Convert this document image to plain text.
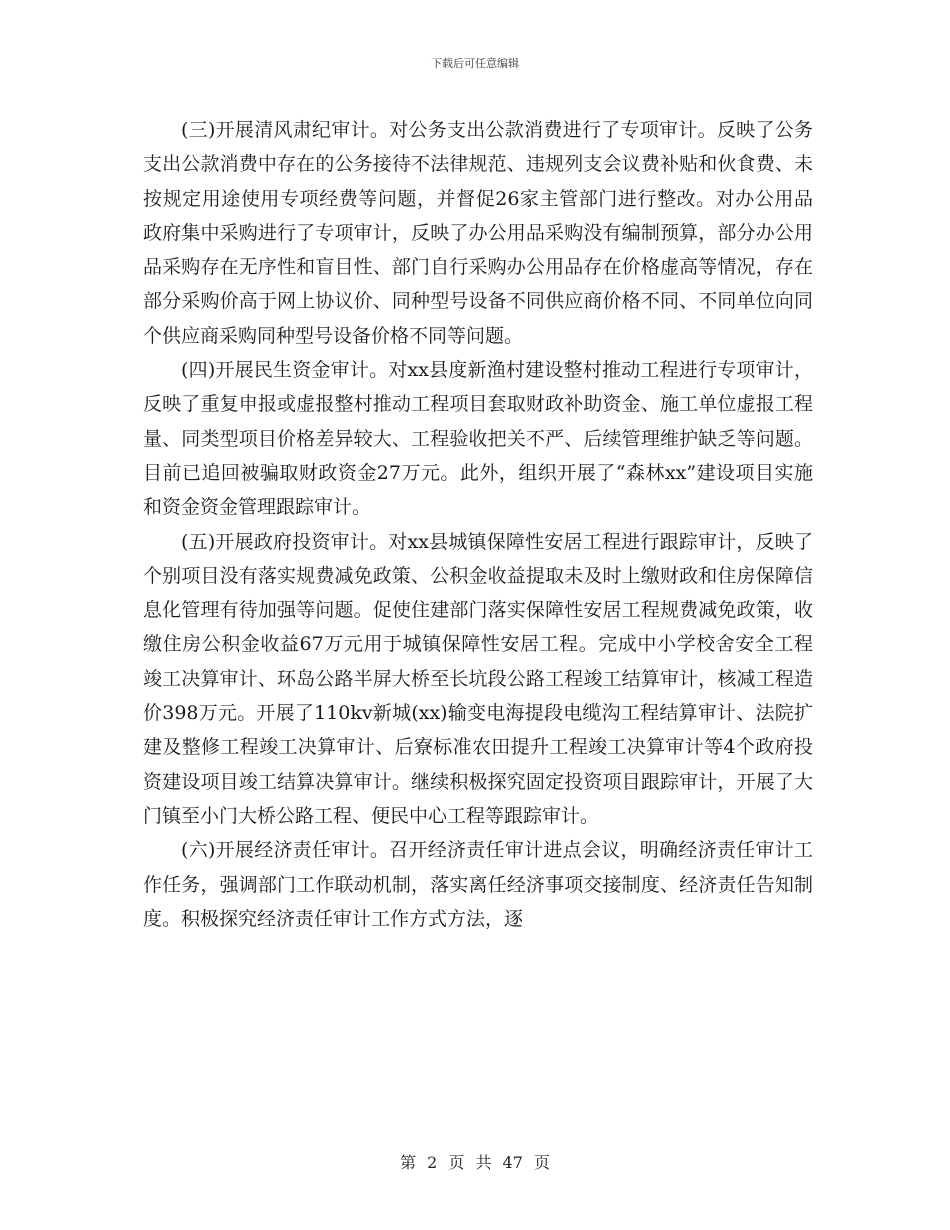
下载后可任意编辑

(三)开展清风肃纪审计。对公务支出公款消费进行了专项审计。反映了公务支出公款消费中存在的公务接待不法律规范、违规列支会议费补贴和伙食费、未按规定用途使用专项经费等问题，并督促26家主管部门进行整改。对办公用品政府集中采购进行了专项审计，反映了办公用品采购没有编制预算，部分办公用品采购存在无序性和盲目性、部门自行采购办公用品存在价格虚高等情况，存在部分采购价高于网上协议价、同种型号设备不同供应商价格不同、不同单位向同个供应商采购同种型号设备价格不同等问题。

(四)开展民生资金审计。对xx县度新渔村建设整村推动工程进行专项审计，反映了重复申报或虚报整村推动工程项目套取财政补助资金、施工单位虚报工程量、同类型项目价格差异较大、工程验收把关不严、后续管理维护缺乏等问题。目前已追回被骗取财政资金27万元。此外，组织开展了“森林xx”建设项目实施和资金资金管理跟踪审计。

(五)开展政府投资审计。对xx县城镇保障性安居工程进行跟踪审计，反映了个别项目没有落实规费减免政策、公积金收益提取未及时上缴财政和住房保障信息化管理有待加强等问题。促使住建部门落实保障性安居工程规费减免政策，收缴住房公积金收益67万元用于城镇保障性安居工程。完成中小学校舍安全工程竣工决算审计、环岛公路半屏大桥至长坑段公路工程竣工结算审计，核减工程造价398万元。开展了110kv新城(xx)输变电海提段电缆沟工程结算审计、法院扩建及整修工程竣工决算审计、后寮标准农田提升工程竣工决算审计等4个政府投资建设项目竣工结算决算审计。继续积极探究固定投资项目跟踪审计，开展了大门镇至小门大桥公路工程、便民中心工程等跟踪审计。

(六)开展经济责任审计。召开经济责任审计进点会议，明确经济责任审计工作任务，强调部门工作联动机制，落实离任经济事项交接制度、经济责任告知制度。积极探究经济责任审计工作方式方法，逐

第 2 页 共 47 页
